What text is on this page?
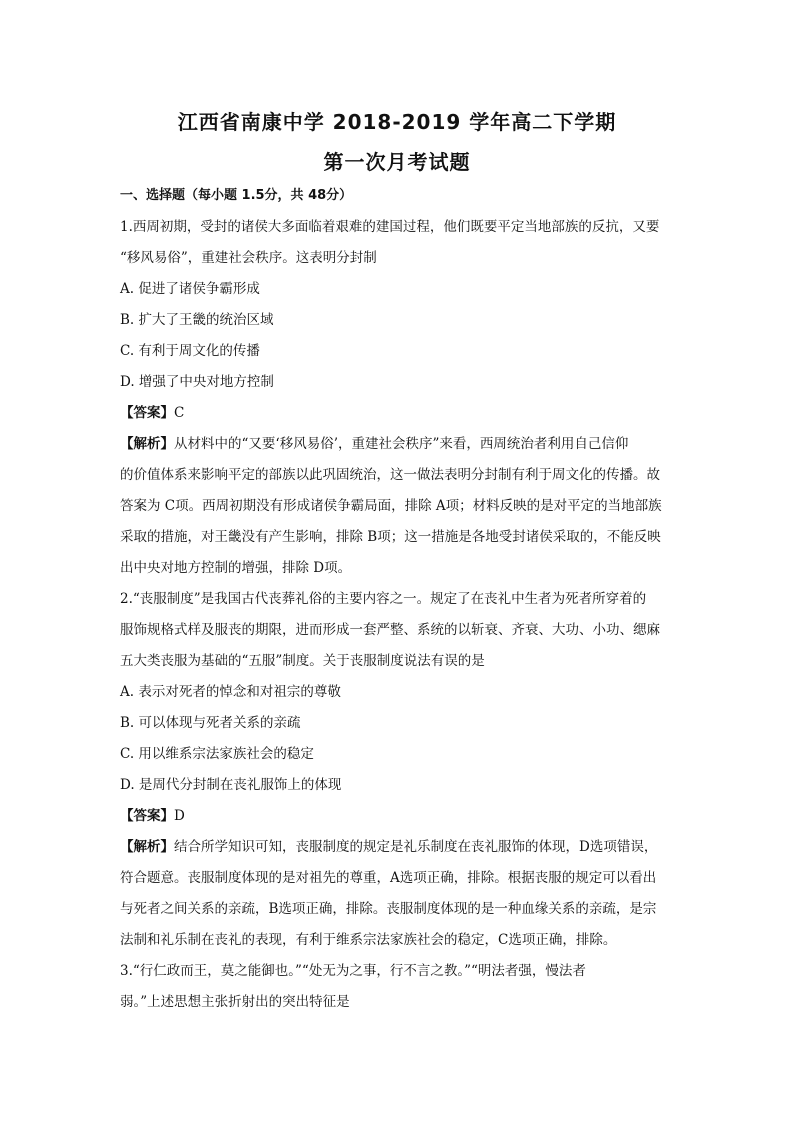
江西省南康中学 2018-2019 学年高二下学期
第一次月考试题
一、选择题（每小题 1.5分，共 48分）
1.西周初期，受封的诸侯大多面临着艰难的建国过程，他们既要平定当地部族的反抗，又要
“移风易俗”，重建社会秩序。这表明分封制
A. 促进了诸侯争霸形成
B. 扩大了王畿的统治区域
C. 有利于周文化的传播
D. 增强了中央对地方控制
【答案】C
【解析】从材料中的“又要‘移风易俗’，重建社会秩序”来看，西周统治者利用自己信仰
的价值体系来影响平定的部族以此巩固统治，这一做法表明分封制有利于周文化的传播。故
答案为 C项。西周初期没有形成诸侯争霸局面，排除 A项；材料反映的是对平定的当地部族
采取的措施，对王畿没有产生影响，排除 B项；这一措施是各地受封诸侯采取的，不能反映
出中央对地方控制的增强，排除 D项。
2.“丧服制度”是我国古代丧葬礼俗的主要内容之一。规定了在丧礼中生者为死者所穿着的
服饰规格式样及服丧的期限，进而形成一套严整、系统的以斩衰、齐衰、大功、小功、缌麻
五大类丧服为基础的“五服”制度。关于丧服制度说法有误的是
A. 表示对死者的悼念和对祖宗的尊敬
B. 可以体现与死者关系的亲疏
C. 用以维系宗法家族社会的稳定
D. 是周代分封制在丧礼服饰上的体现
【答案】D
【解析】结合所学知识可知，丧服制度的规定是礼乐制度在丧礼服饰的体现，D选项错误，
符合题意。丧服制度体现的是对祖先的尊重，A选项正确，排除。根据丧服的规定可以看出
与死者之间关系的亲疏，B选项正确，排除。丧服制度体现的是一种血缘关系的亲疏，是宗
法制和礼乐制在丧礼的表现，有利于维系宗法家族社会的稳定，C选项正确，排除。
3.“行仁政而王，莫之能御也。”“处无为之事，行不言之教。”“明法者强，慢法者
弱。”上述思想主张折射出的突出特征是
